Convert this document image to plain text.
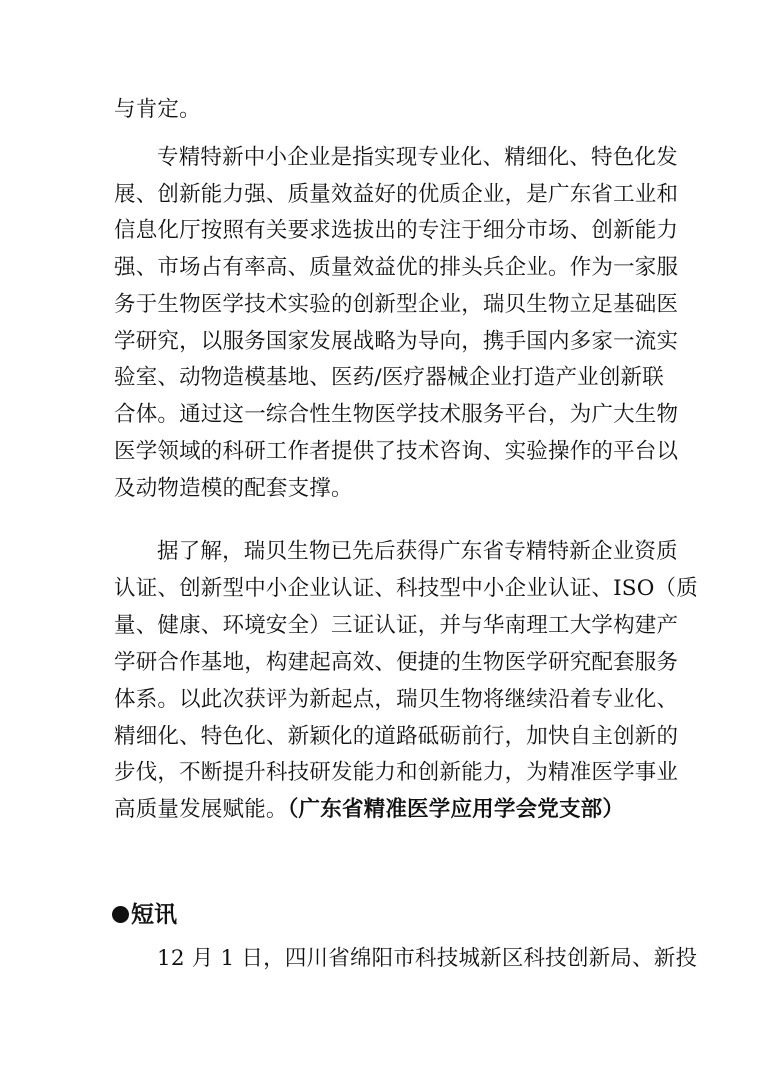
与肯定。
专精特新中小企业是指实现专业化、精细化、特色化发
展、创新能力强、质量效益好的优质企业，是广东省工业和
信息化厅按照有关要求选拔出的专注于细分市场、创新能力
强、市场占有率高、质量效益优的排头兵企业。作为一家服
务于生物医学技术实验的创新型企业，瑞贝生物立足基础医
学研究，以服务国家发展战略为导向，携手国内多家一流实
验室、动物造模基地、医药/医疗器械企业打造产业创新联
合体。通过这一综合性生物医学技术服务平台，为广大生物
医学领域的科研工作者提供了技术咨询、实验操作的平台以
及动物造模的配套支撑。
据了解，瑞贝生物已先后获得广东省专精特新企业资质
认证、创新型中小企业认证、科技型中小企业认证、ISO（质
量、健康、环境安全）三证认证，并与华南理工大学构建产
学研合作基地，构建起高效、便捷的生物医学研究配套服务
体系。以此次获评为新起点，瑞贝生物将继续沿着专业化、
精细化、特色化、新颖化的道路砥砺前行，加快自主创新的
步伐，不断提升科技研发能力和创新能力，为精准医学事业
高质量发展赋能。（广东省精准医学应用学会党支部）
短讯
12 月 1 日，四川省绵阳市科技城新区科技创新局、新投
